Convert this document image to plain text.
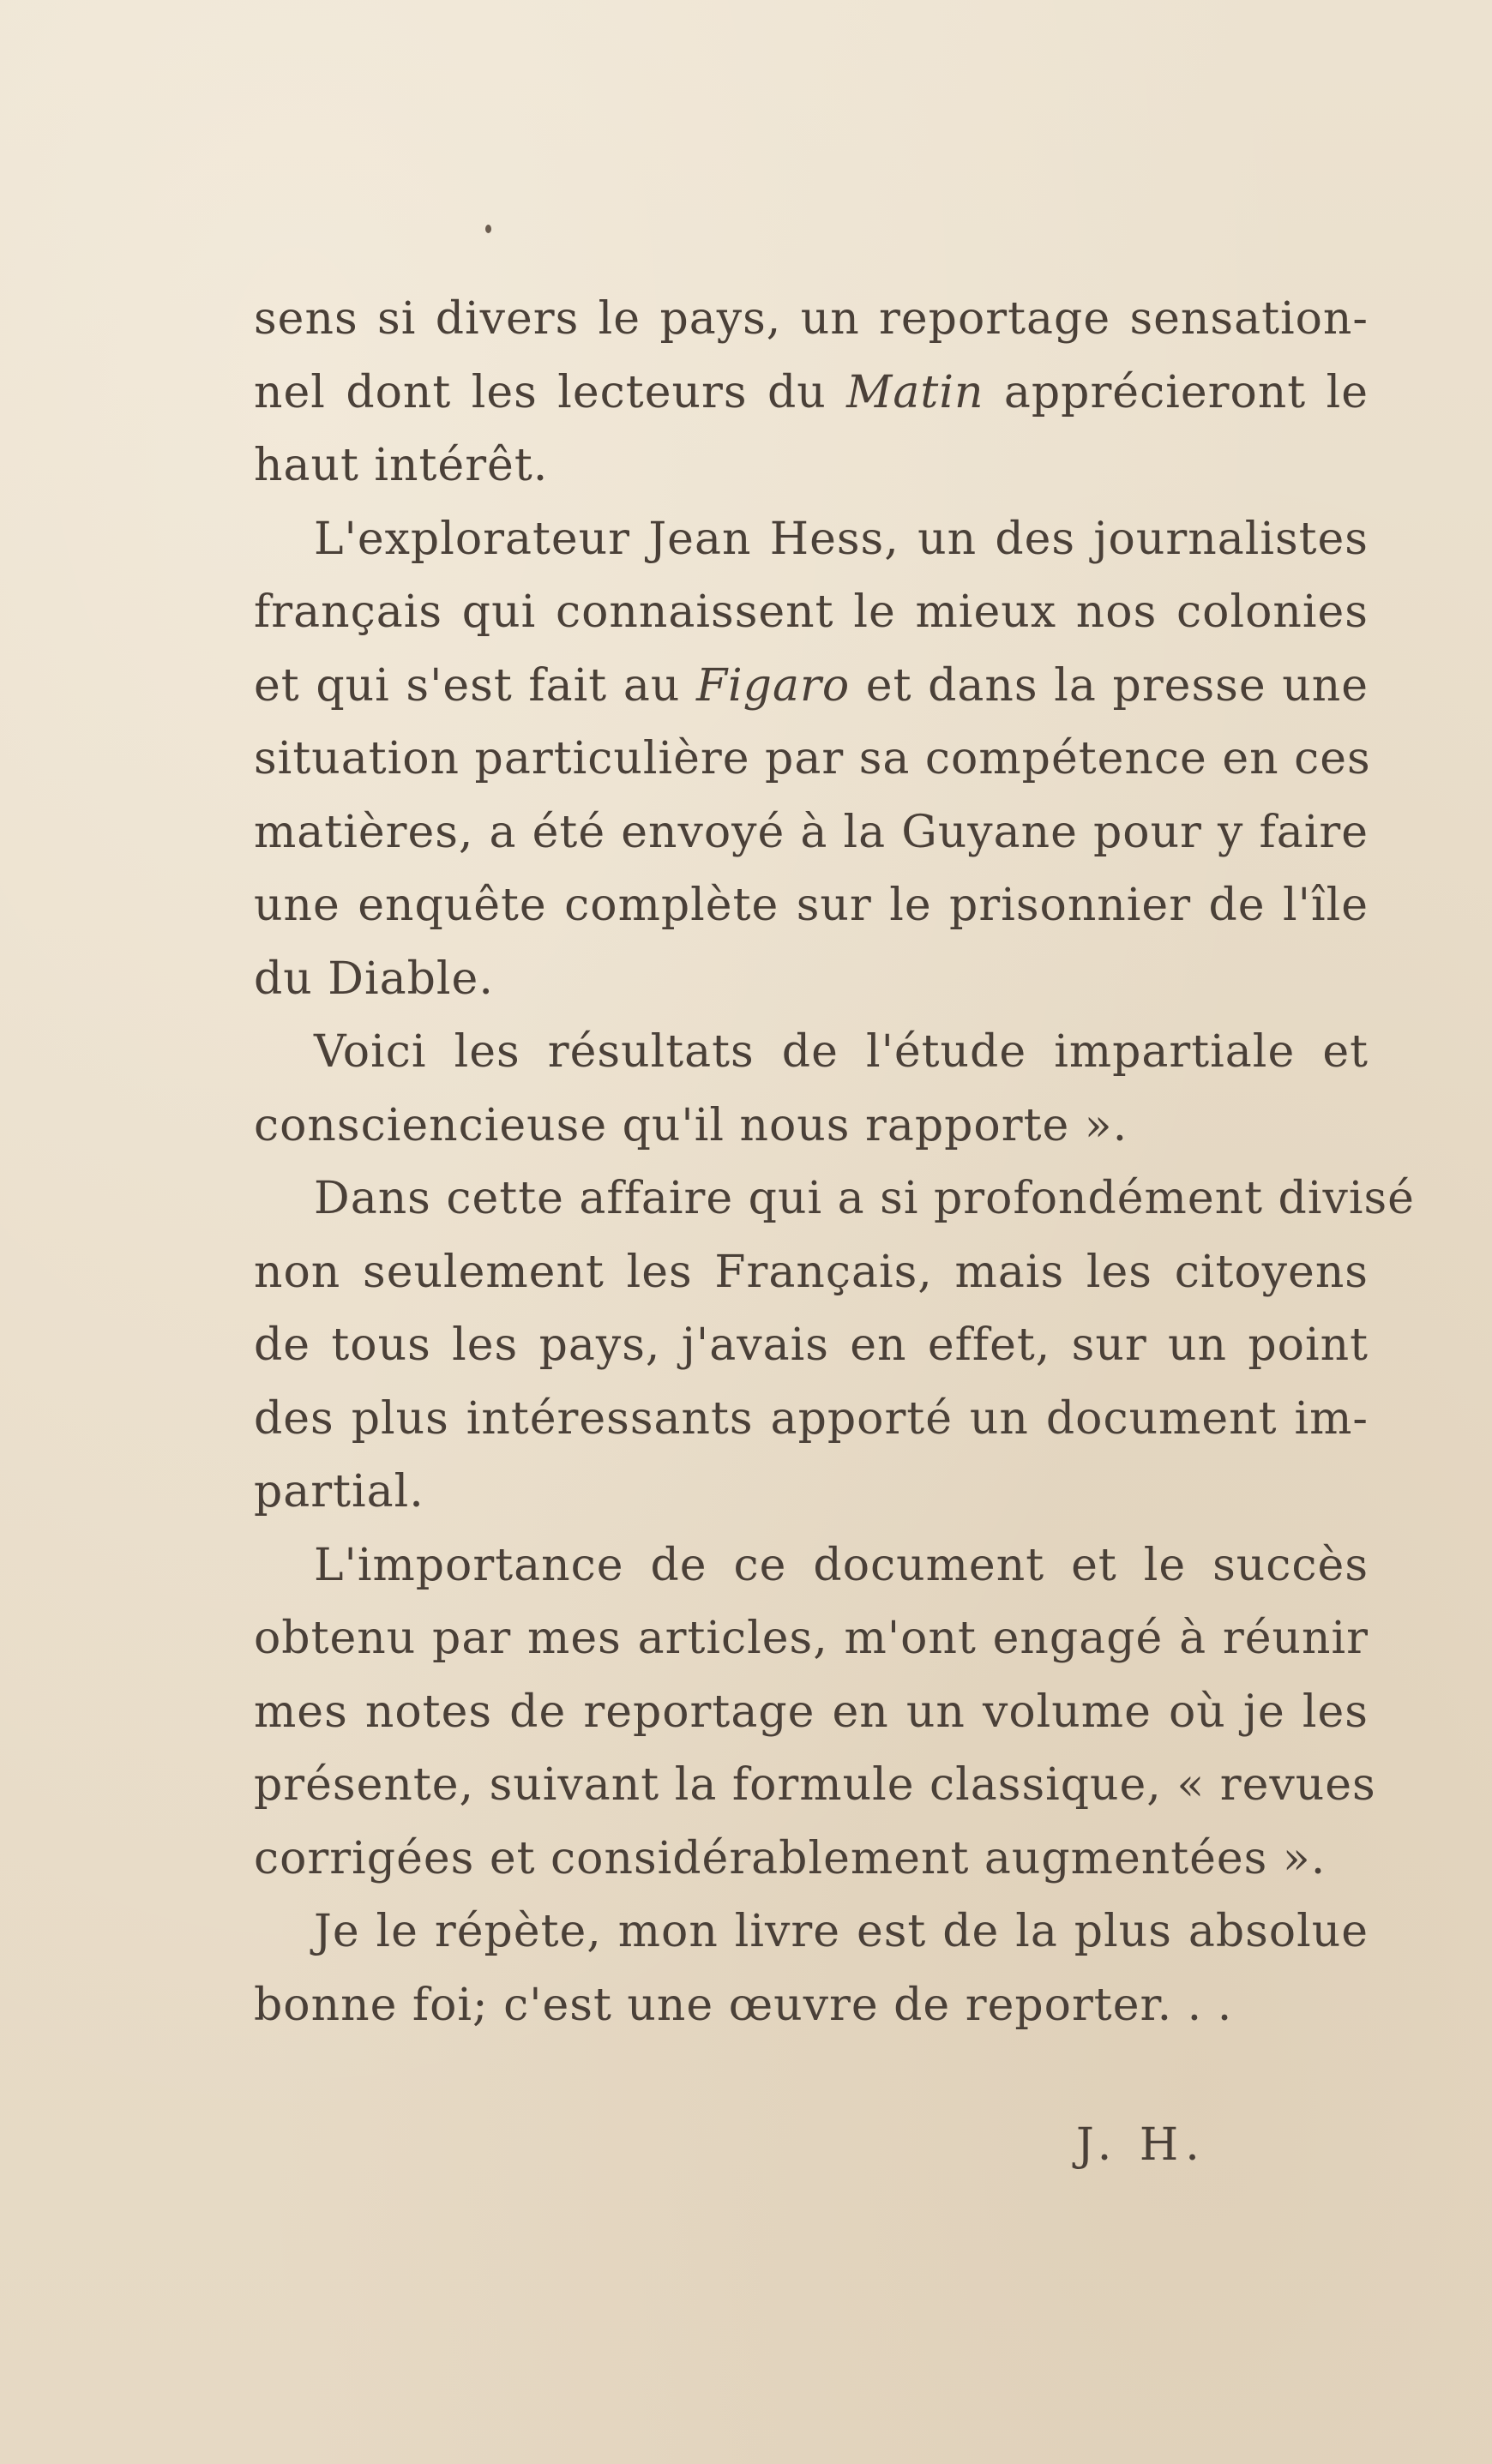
sens si divers le pays, un reportage sensation-
nel dont les lecteurs du Matin apprécieront le
haut intérêt.
L'explorateur Jean Hess, un des journalistes
français qui connaissent le mieux nos colonies
et qui s'est fait au Figaro et dans la presse une
situation particulière par sa compétence en ces
matières, a été envoyé à la Guyane pour y faire
une enquête complète sur le prisonnier de l'île
du Diable.
Voici les résultats de l'étude impartiale et
consciencieuse qu'il nous rapporte ».
Dans cette affaire qui a si profondément divisé
non seulement les Français, mais les citoyens
de tous les pays, j'avais en effet, sur un point
des plus intéressants apporté un document im-
partial.
L'importance de ce document et le succès
obtenu par mes articles, m'ont engagé à réunir
mes notes de reportage en un volume où je les
présente, suivant la formule classique, « revues
corrigées et considérablement augmentées ».
Je le répète, mon livre est de la plus absolue
bonne foi; c'est une œuvre de reporter. . .
J. H.
